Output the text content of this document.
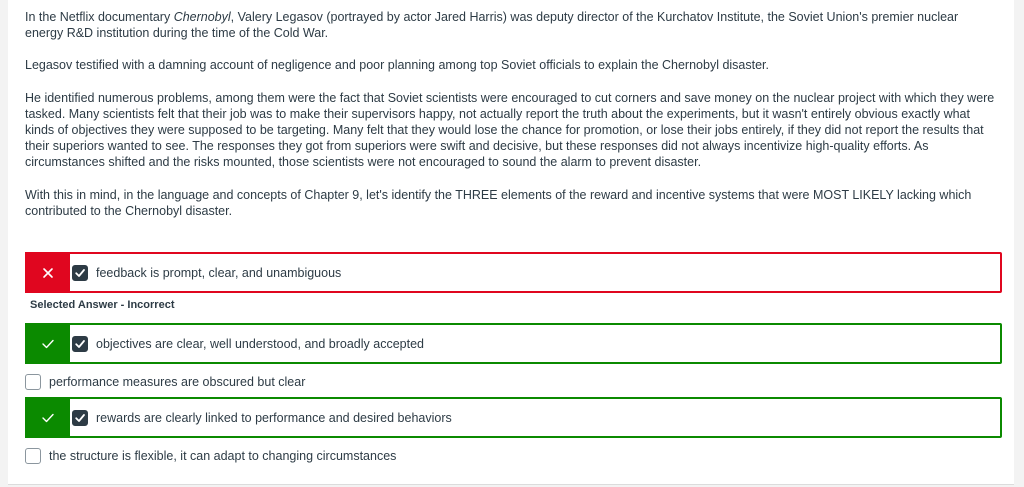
In the Netflix documentary Chernobyl, Valery Legasov (portrayed by actor Jared Harris) was deputy director of the Kurchatov Institute, the Soviet Union's premier nuclear energy R&D institution during the time of the Cold War.

Legasov testified with a damning account of negligence and poor planning among top Soviet officials to explain the Chernobyl disaster.

He identified numerous problems, among them were the fact that Soviet scientists were encouraged to cut corners and save money on the nuclear project with which they were tasked. Many scientists felt that their job was to make their supervisors happy, not actually report the truth about the experiments, but it wasn't entirely obvious exactly what kinds of objectives they were supposed to be targeting. Many felt that they would lose the chance for promotion, or lose their jobs entirely, if they did not report the results that their superiors wanted to see. The responses they got from superiors were swift and decisive, but these responses did not always incentivize high-quality efforts. As circumstances shifted and the risks mounted, those scientists were not encouraged to sound the alarm to prevent disaster.

With this in mind, in the language and concepts of Chapter 9, let's identify the THREE elements of the reward and incentive systems that were MOST LIKELY lacking which contributed to the Chernobyl disaster.

feedback is prompt, clear, and unambiguous
Selected Answer - Incorrect
objectives are clear, well understood, and broadly accepted
performance measures are obscured but clear
rewards are clearly linked to performance and desired behaviors
the structure is flexible, it can adapt to changing circumstances
